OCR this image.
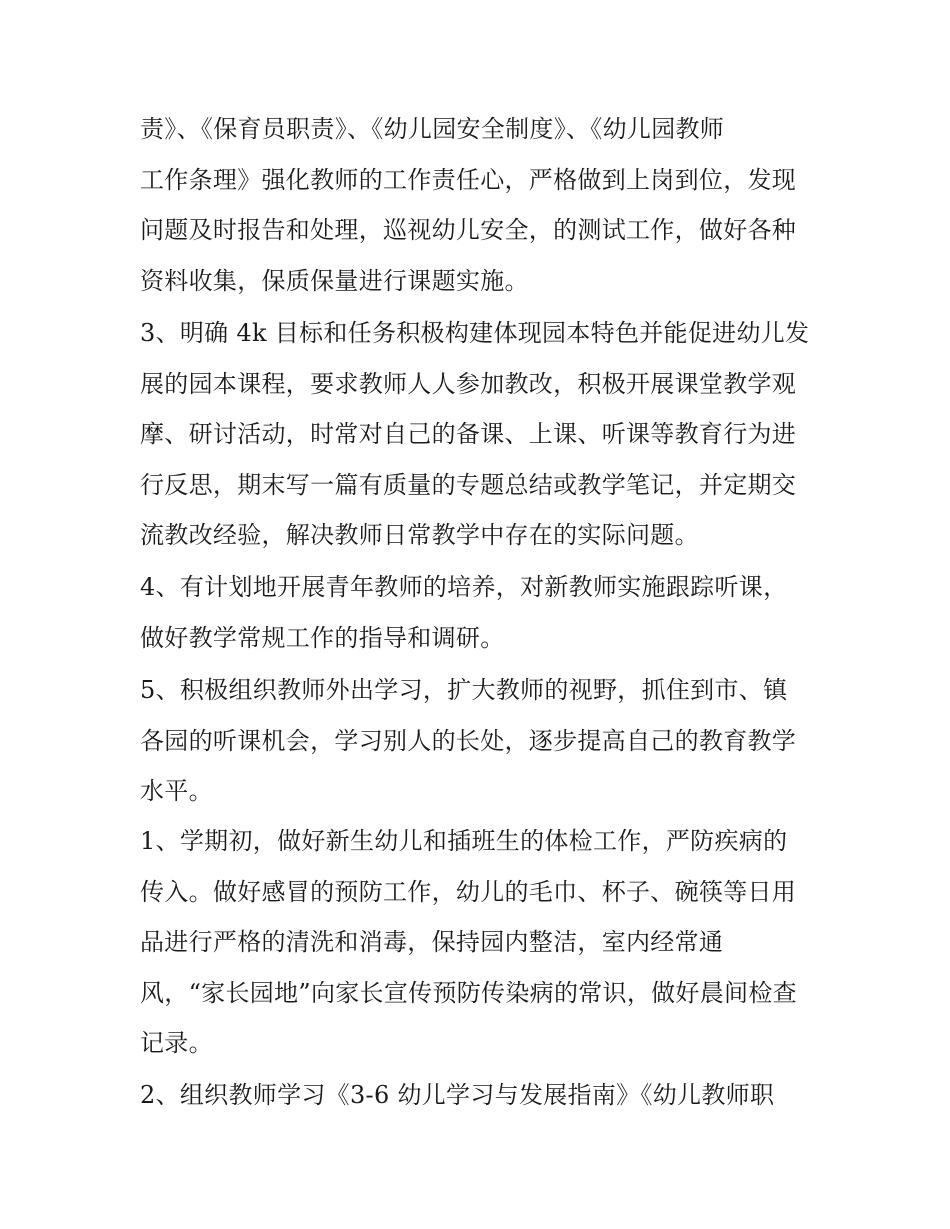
责》、《保育员职责》、《幼儿园安全制度》、《幼儿园教师
工作条理》强化教师的工作责任心，严格做到上岗到位，发现
问题及时报告和处理，巡视幼儿安全，的测试工作，做好各种
资料收集，保质保量进行课题实施。
3、明确 4k 目标和任务积极构建体现园本特色并能促进幼儿发
展的园本课程，要求教师人人参加教改，积极开展课堂教学观
摩、研讨活动，时常对自己的备课、上课、听课等教育行为进
行反思，期末写一篇有质量的专题总结或教学笔记，并定期交
流教改经验，解决教师日常教学中存在的实际问题。
4、有计划地开展青年教师的培养，对新教师实施跟踪听课，
做好教学常规工作的指导和调研。
5、积极组织教师外出学习，扩大教师的视野，抓住到市、镇
各园的听课机会，学习别人的长处，逐步提高自己的教育教学
水平。
1、学期初，做好新生幼儿和插班生的体检工作，严防疾病的
传入。做好感冒的预防工作，幼儿的毛巾、杯子、碗筷等日用
品进行严格的清洗和消毒，保持园内整洁，室内经常通
风，“家长园地”向家长宣传预防传染病的常识，做好晨间检查
记录。
2、组织教师学习《3-6 幼儿学习与发展指南》《幼儿教师职
